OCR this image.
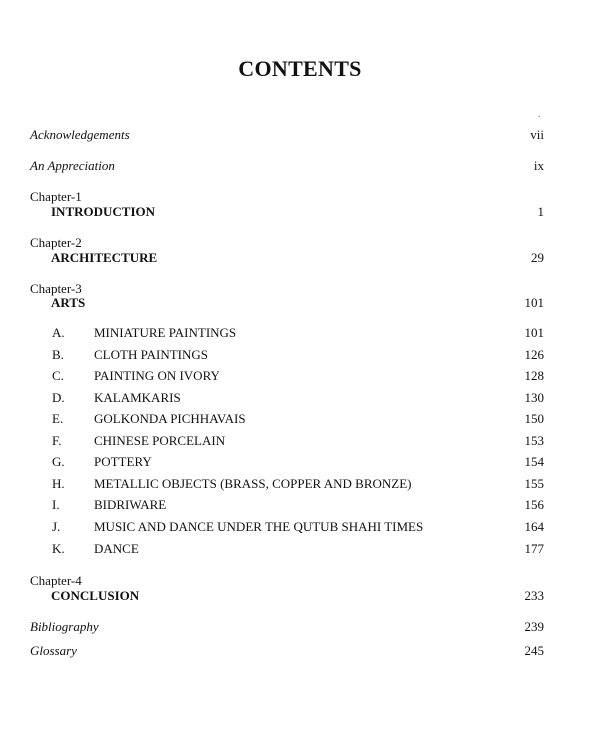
CONTENTS
.
Acknowledgements	vii
An Appreciation	ix
Chapter-1
INTRODUCTION	1
Chapter-2
ARCHITECTURE	29
Chapter-3
ARTS	101
A. MINIATURE PAINTINGS	101
B. CLOTH PAINTINGS	126
C. PAINTING ON IVORY	128
D. KALAMKARIS	130
E. GOLKONDA PICHHAVAIS	150
F.	CHINESE PORCELAIN	153
G. POTTERY	154
H. METALLIC OBJECTS (BRASS, COPPER AND BRONZE)	155
I.	BIDRIWARE	156
J.	MUSIC AND DANCE UNDER THE QUTUB SHAHI TIMES	164
K. DANCE	177
Chapter-4
CONCLUSION	233
Bibliography	239
Glossary	245
